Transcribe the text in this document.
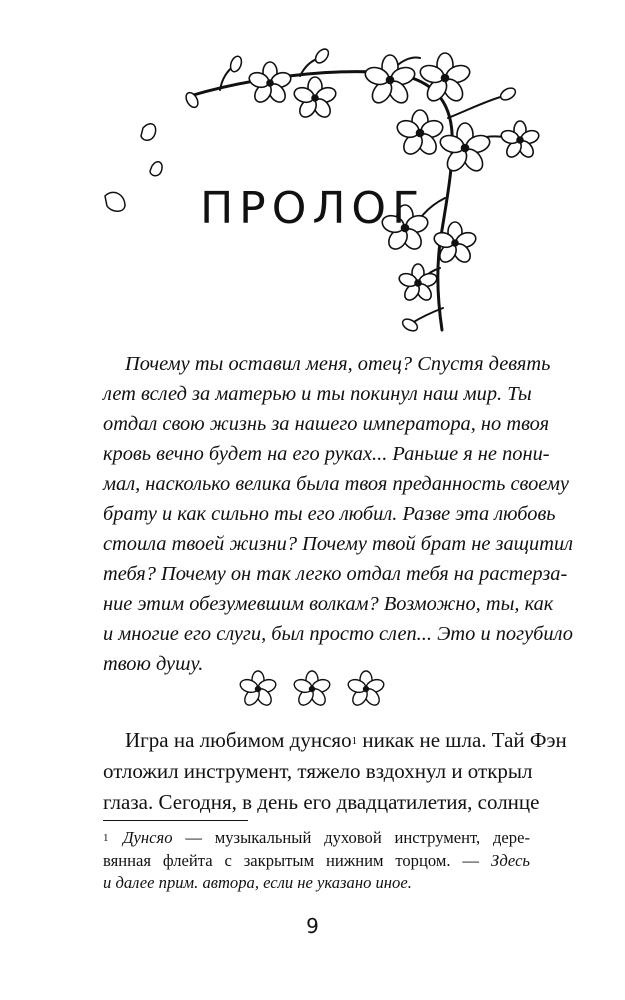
ПРОЛОГ
Почему ты оставил меня, отец? Спустя девять
лет вслед за матерью и ты покинул наш мир. Ты
отдал свою жизнь за нашего императора, но твоя
кровь вечно будет на его руках... Раньше я не пони-
мал, насколько велика была твоя преданность своему
брату и как сильно ты его любил. Разве эта любовь
стоила твоей жизни? Почему твой брат не защитил
тебя? Почему он так легко отдал тебя на растерза-
ние этим обезумевшим волкам? Возможно, ты, как
и многие его слуги, был просто слеп... Это и погубило
твою душу.
Игра на любимом дунсяо$^1$ никак не шла. Тай Фэн
отложил инструмент, тяжело вздохнул и открыл
глаза. Сегодня, в день его двадцатилетия, солнце
1 Дунсяо — музыкальный духовой инструмент, дере-
вянная флейта с закрытым нижним торцом. — Здесь
и далее прим. автора, если не указано иное.
9
